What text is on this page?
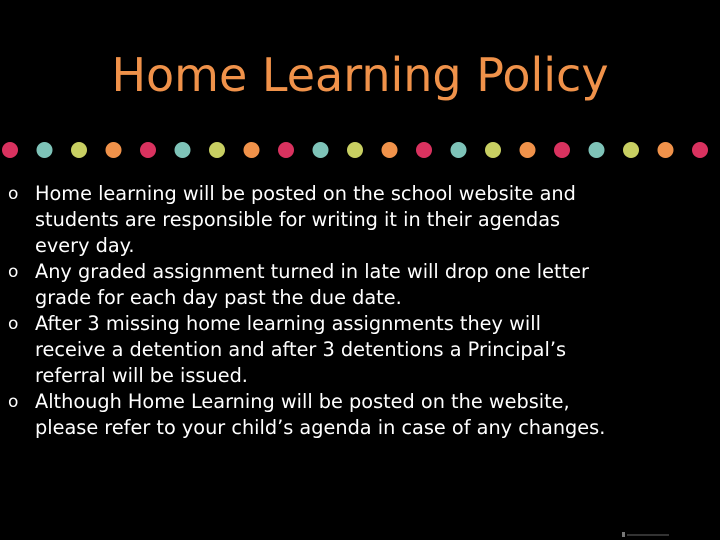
Home Learning Policy
o Home learning will be posted on the school website and
students are responsible for writing it in their agendas
every day.
o Any graded assignment turned in late will drop one letter
grade for each day past the due date.
o After 3 missing home learning assignments they will
receive a detention and after 3 detentions a Principal’s
referral will be issued.
o Although Home Learning will be posted on the website,
please refer to your child’s agenda in case of any changes.
